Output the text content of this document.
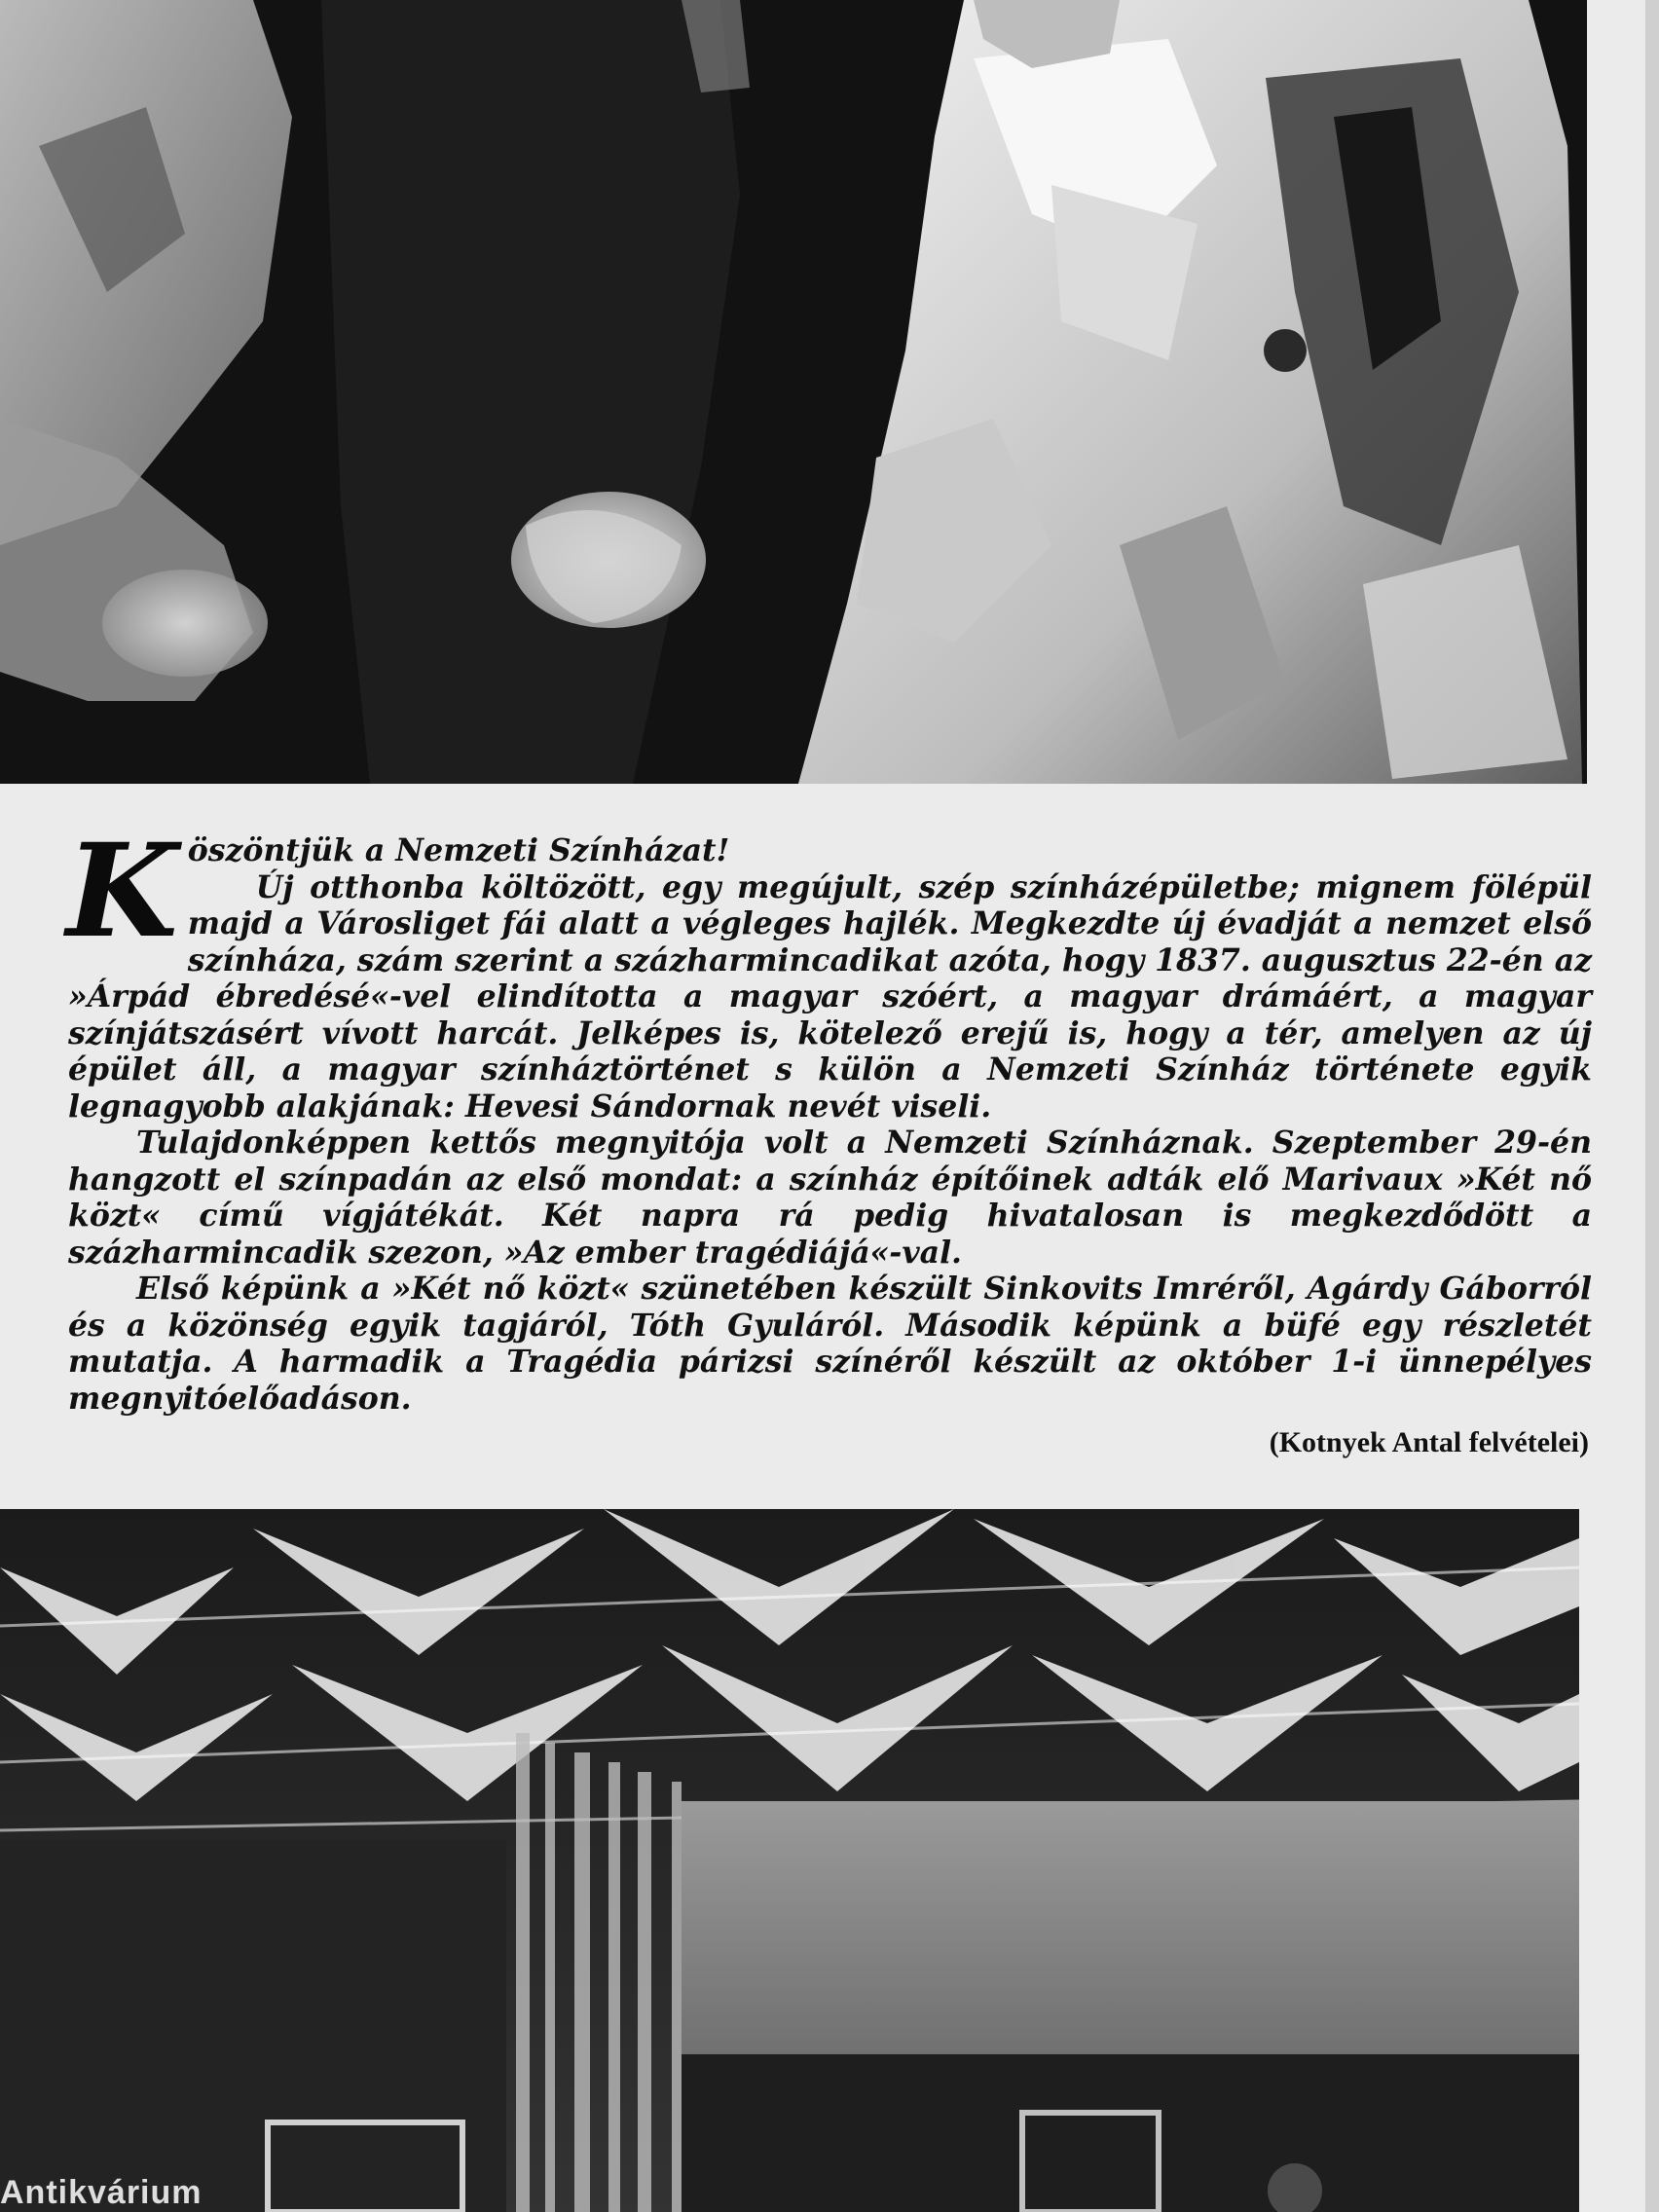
K öszöntjük a Nemzeti Színházat!

Új otthonba költözött, egy megújult, szép színházépületbe; mignem fölépül majd a Városliget fái alatt a végleges hajlék. Megkezdte új évadját a nemzet első színháza, szám szerint a százharmincadikat azóta, hogy 1837. augusztus 22-én az »Árpád ébredésé«-vel elindította a magyar szóért, a magyar drámáért, a magyar színjátszásért vívott harcát. Jelképes is, kötelező erejű is, hogy a tér, amelyen az új épület áll, a magyar színháztörténet s külön a Nemzeti Színház története egyik legnagyobb alakjának: Hevesi Sándornak nevét viseli.

Tulajdonképpen kettős megnyitója volt a Nemzeti Színháznak. Szeptember 29-én hangzott el színpadán az első mondat: a színház építőinek adták elő Marivaux »Két nő közt« című vígjátékát. Két napra rá pedig hivatalosan is megkezdődött a százharmincadik szezon, »Az ember tragédiájá«-val.

Első képünk a »Két nő közt« szünetében készült Sinkovits Imréről, Agárdy Gáborról és a közönség egyik tagjáról, Tóth Gyuláról. Második képünk a büfé egy részletét mutatja. A harmadik a Tragédia párizsi színéről készült az október 1-i ünnepélyes megnyitóelőadáson.

(Kotnyek Antal felvételei)
Antikvárium
